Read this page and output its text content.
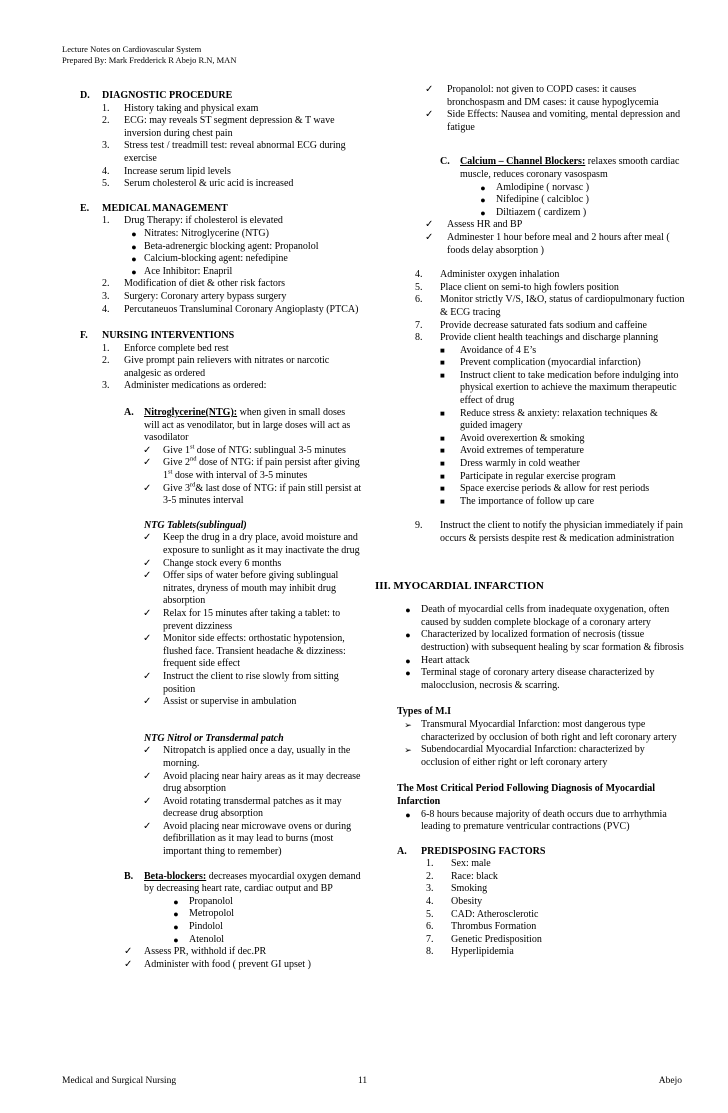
Lecture Notes on Cardiovascular System
Prepared By: Mark Fredderick R Abejo R.N, MAN
D.	DIAGNOSTIC PROCEDURE
1.	History taking and physical exam
2.	ECG: may reveals ST segment depression & T wave inversion during chest pain
3.	Stress test / treadmill test: reveal abnormal ECG during exercise
4.	Increase serum lipid levels
5.	Serum cholesterol & uric acid is increased
E.	MEDICAL MANAGEMENT
1.	Drug Therapy: if cholesterol is elevated
● Nitrates: Nitroglycerine (NTG)
● Beta-adrenergic blocking agent: Propanolol
● Calcium-blocking agent: nefedipine
● Ace Inhibitor: Enapril
2.	Modification of diet & other risk factors
3.	Surgery: Coronary artery bypass surgery
4.	Percutaneuos Transluminal Coronary Angioplasty (PTCA)
F.	NURSING INTERVENTIONS
1.	Enforce complete bed rest
2.	Give prompt pain relievers with nitrates or narcotic analgesic as ordered
3.	Administer medications as ordered:
A.	Nitroglycerine(NTG): when given in small doses will act as venodilator, but in large doses will act as vasodilator
✓	Give 1st dose of NTG: sublingual 3-5 minutes
✓	Give 2nd dose of NTG: if pain persist after giving 1st dose with interval of 3-5 minutes
✓	Give 3rd& last dose of NTG: if pain still persist at 3-5 minutes interval
NTG Tablets(sublingual)
✓	Keep the drug in a dry place, avoid moisture and exposure to sunlight as it may inactivate the drug
✓	Change stock every 6 months
✓	Offer sips of water before giving sublingual nitrates, dryness of mouth may inhibit drug absorption
✓	Relax for 15 minutes after taking a tablet: to prevent dizziness
✓	Monitor side effects: orthostatic hypotension, flushed face. Transient headache & dizziness: frequent side effect
✓	Instruct the client to rise slowly from sitting position
✓	Assist or supervise in ambulation
NTG Nitrol or Transdermal patch
✓	Nitropatch is applied once a day, usually in the morning.
✓	Avoid placing near hairy areas as it may decrease drug absorption
✓	Avoid rotating transdermal patches as it may decrease drug absorption
✓	Avoid placing near microwave ovens or during defibrillation as it may lead to burns (most important thing to remember)
B.	Beta-blockers: decreases myocardial oxygen demand by decreasing heart rate, cardiac output and BP
●	Propanolol
●	Metropolol
●	Pindolol
●	Atenolol
✓	Assess PR, withhold if dec.PR
✓	Administer with food ( prevent GI upset )
✓	Propanolol: not given to COPD cases: it causes bronchospasm and DM cases: it cause hypoglycemia
✓	Side Effects: Nausea and vomiting, mental depression and fatigue
C.	Calcium – Channel Blockers: relaxes smooth cardiac muscle, reduces coronary vasospasm
●	Amlodipine ( norvasc )
●	Nifedipine ( calcibloc )
●	Diltiazem ( cardizem )
✓	Assess HR and BP
✓	Adminester 1 hour before meal and 2 hours after meal ( foods delay absorption )
4.	Administer oxygen inhalation
5.	Place client on semi-to high fowlers position
6.	Monitor strictly V/S, I&O, status of cardiopulmonary fuction & ECG tracing
7.	Provide decrease saturated fats sodium and caffeine
8.	Provide client health teachings and discharge planning
■	Avoidance of 4 E’s
■	Prevent complication (myocardial infarction)
■	Instruct client to take medication before indulging into physical exertion to achieve the maximum therapeutic effect of drug
■	Reduce stress & anxiety: relaxation techniques & guided imagery
■	Avoid overexertion & smoking
■	Avoid extremes of temperature
■	Dress warmly in cold weather
■	Participate in regular exercise program
■	Space exercise periods & allow for rest periods
■	The importance of follow up care
9.	Instruct the client to notify the physician immediately if pain occurs & persists despite rest & medication administration
III. MYOCARDIAL INFARCTION
●	Death of myocardial cells from inadequate oxygenation, often caused by sudden complete blockage of a coronary artery
●	Characterized by localized formation of necrosis (tissue destruction) with subsequent healing by scar formation & fibrosis
●	Heart attack
●	Terminal stage of coronary artery disease characterized by malocclusion, necrosis & scarring.
Types of M.I
➢ Transmural Myocardial Infarction: most dangerous type characterized by occlusion of both right and left coronary artery
➢ Subendocardial Myocardial Infarction: characterized by occlusion of either right or left coronary artery
The Most Critical Period Following Diagnosis of Myocardial Infarction
●	6-8 hours because majority of death occurs due to arrhythmia leading to premature ventricular contractions (PVC)
A.	PREDISPOSING FACTORS
1.	Sex: male
2.	Race: black
3.	Smoking
4.	Obesity
5.	CAD: Atherosclerotic
6.	Thrombus Formation
7.	Genetic Predisposition
8.	Hyperlipidemia
Medical and Surgical Nursing	11	Abejo
